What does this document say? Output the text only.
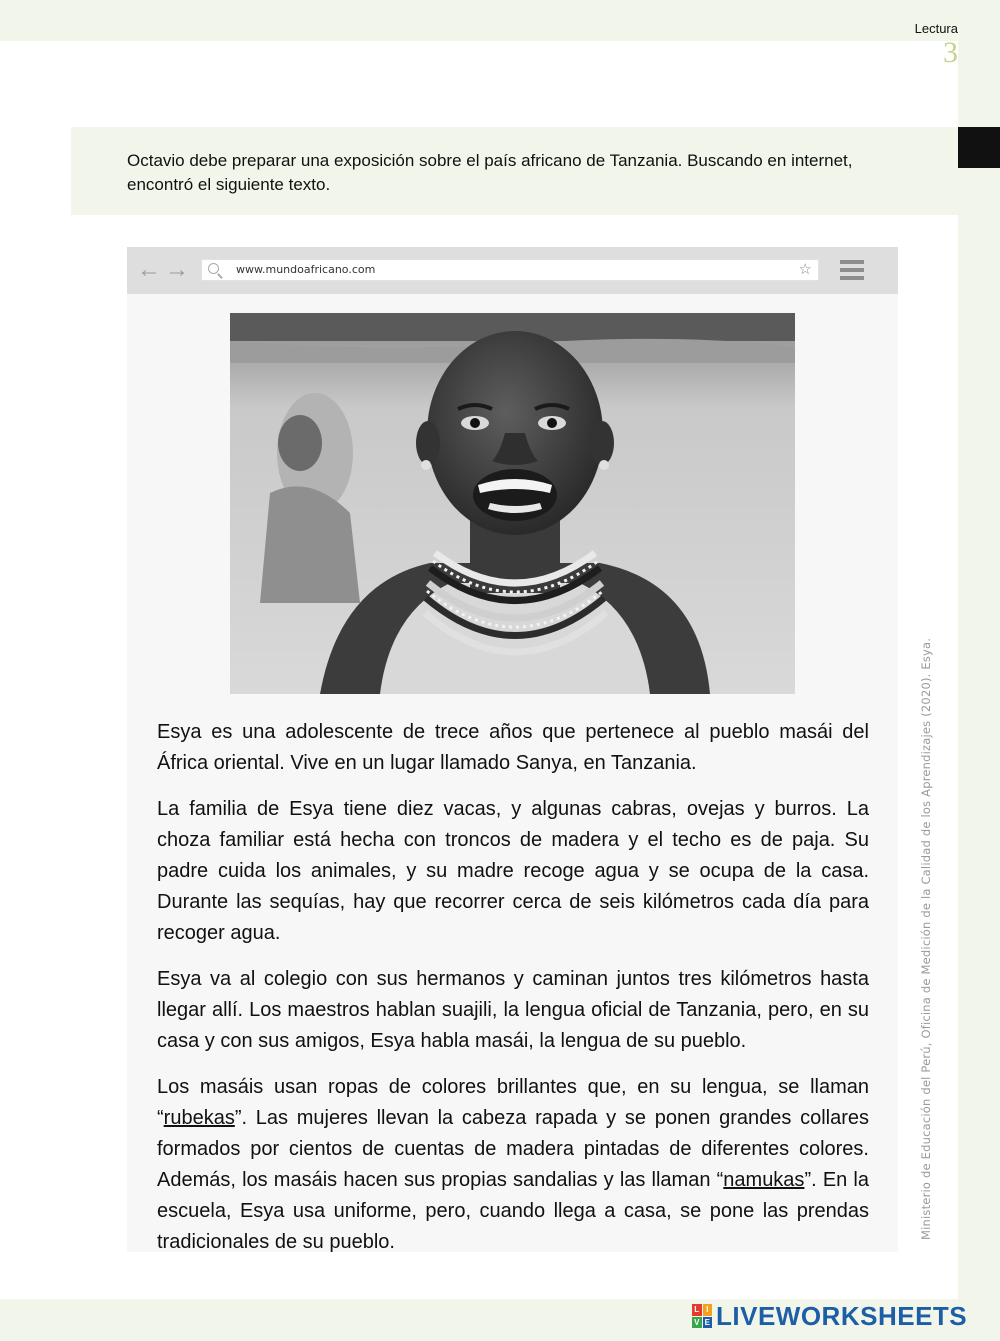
Lectura
3
Octavio debe preparar una exposición sobre el país africano de Tanzania. Buscando en internet, encontró el siguiente texto.
← →	www.mundoafricano.com	☆

Esya es una adolescente de trece años que pertenece al pueblo masái del África oriental. Vive en un lugar llamado Sanya, en Tanzania.

La familia de Esya tiene diez vacas, y algunas cabras, ovejas y burros. La choza familiar está hecha con troncos de madera y el techo es de paja. Su padre cuida los animales, y su madre recoge agua y se ocupa de la casa. Durante las sequías, hay que recorrer cerca de seis kilómetros cada día para recoger agua.

Esya va al colegio con sus hermanos y caminan juntos tres kilómetros hasta llegar allí. Los maestros hablan suajili, la lengua oficial de Tanzania, pero, en su casa y con sus amigos, Esya habla masái, la lengua de su pueblo.

Los masáis usan ropas de colores brillantes que, en su lengua, se llaman “rubekas”. Las mujeres llevan la cabeza rapada y se ponen grandes collares formados por cientos de cuentas de madera pintadas de diferentes colores. Además, los masáis hacen sus propias sandalias y las llaman “namukas”. En la escuela, Esya usa uniforme, pero, cuando llega a casa, se pone las prendas tradicionales de su pueblo.

Ministerio de Educación del Perú, Oficina de Medición de la Calidad de los Aprendizajes (2020). Esya.
L I
V E LIVEWORKSHEETS
